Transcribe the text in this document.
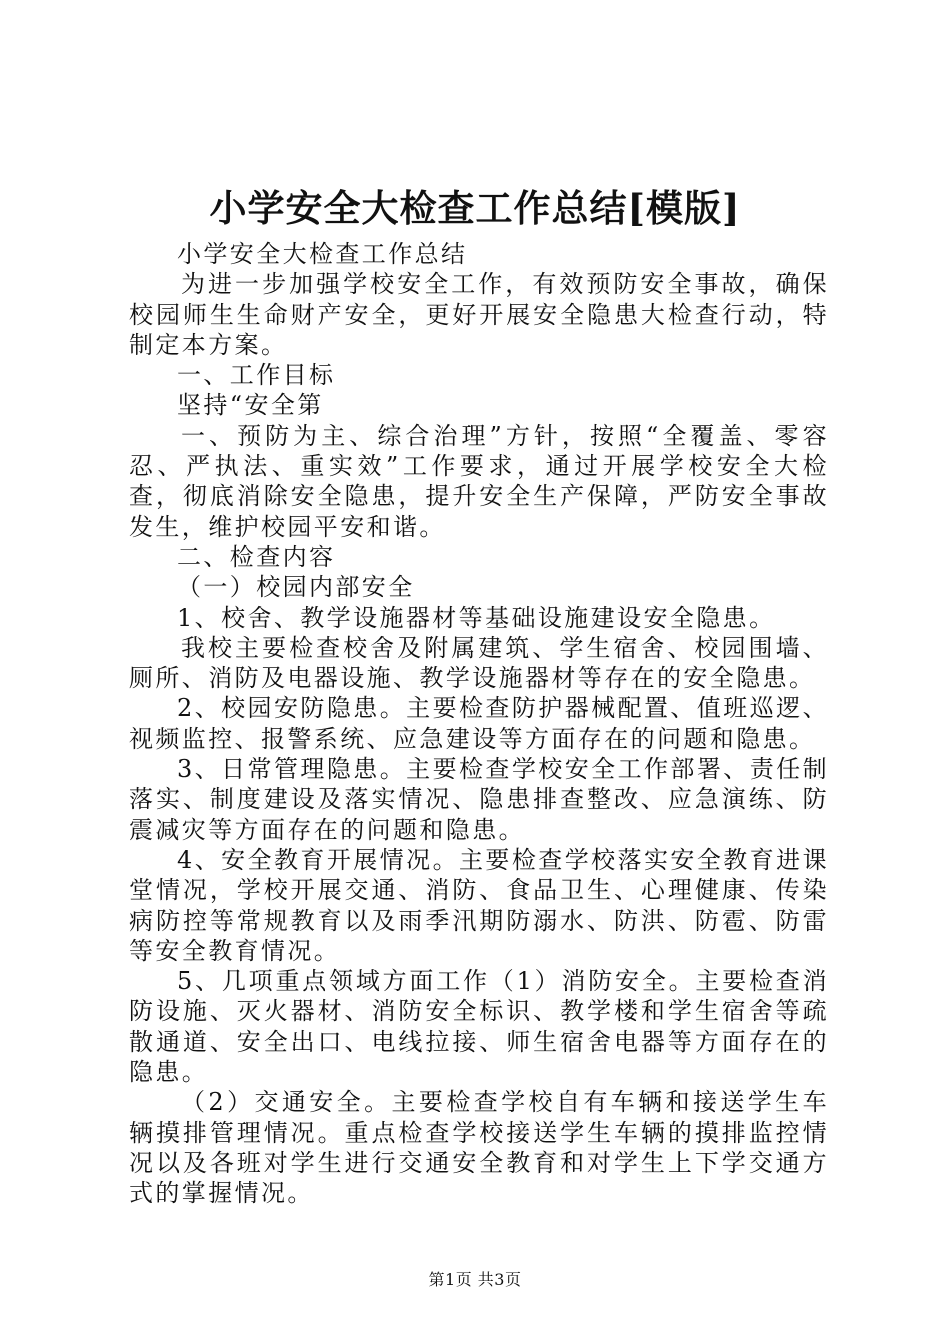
小学安全大检查工作总结[模版]

小学安全大检查工作总结

为进一步加强学校安全工作，有效预防安全事故，确保校园师生生命财产安全，更好开展安全隐患大检查行动，特制定本方案。

一、工作目标

坚持“安全第

一、预防为主、综合治理”方针，按照“全覆盖、零容忍、严执法、重实效”工作要求，通过开展学校安全大检查，彻底消除安全隐患，提升安全生产保障，严防安全事故发生，维护校园平安和谐。

二、检查内容

（一）校园内部安全

1、校舍、教学设施器材等基础设施建设安全隐患。

我校主要检查校舍及附属建筑、学生宿舍、校园围墙、厕所、消防及电器设施、教学设施器材等存在的安全隐患。

2、校园安防隐患。主要检查防护器械配置、值班巡逻、视频监控、报警系统、应急建设等方面存在的问题和隐患。

3、日常管理隐患。主要检查学校安全工作部署、责任制落实、制度建设及落实情况、隐患排查整改、应急演练、防震减灾等方面存在的问题和隐患。

4、安全教育开展情况。主要检查学校落实安全教育进课堂情况，学校开展交通、消防、食品卫生、心理健康、传染病防控等常规教育以及雨季汛期防溺水、防洪、防雹、防雷等安全教育情况。

5、几项重点领域方面工作（1）消防安全。主要检查消防设施、灭火器材、消防安全标识、教学楼和学生宿舍等疏散通道、安全出口、电线拉接、师生宿舍电器等方面存在的隐患。

（2）交通安全。主要检查学校自有车辆和接送学生车辆摸排管理情况。重点检查学校接送学生车辆的摸排监控情况以及各班对学生进行交通安全教育和对学生上下学交通方式的掌握情况。

第1页 共3页
